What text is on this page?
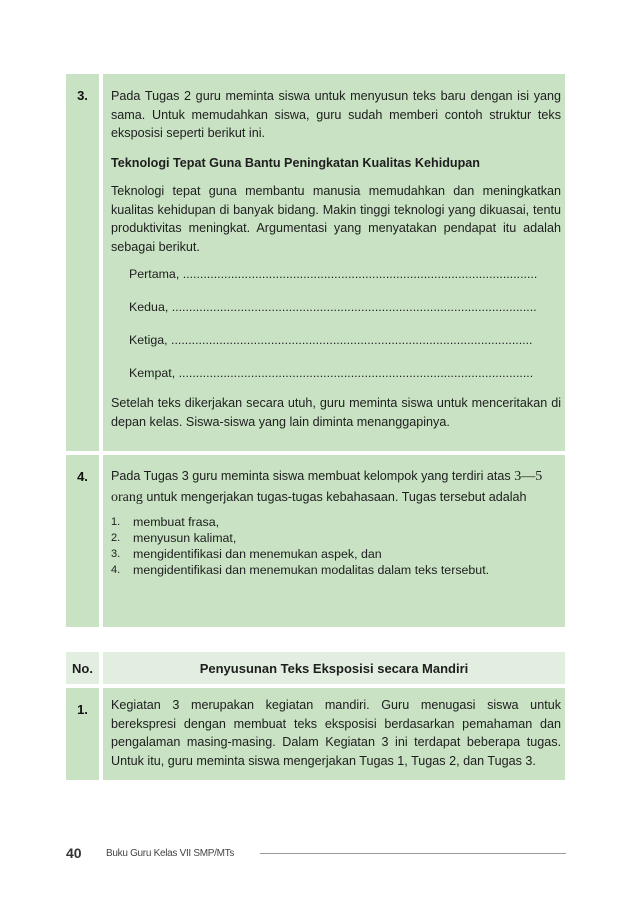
3.	Pada Tugas 2 guru meminta siswa untuk menyusun teks baru dengan isi yang sama. Untuk memudahkan siswa, guru sudah memberi contoh struktur teks eksposisi seperti berikut ini.

Teknologi Tepat Guna Bantu Peningkatan Kualitas Kehidupan

Teknologi tepat guna membantu manusia memudahkan dan meningkatkan kualitas kehidupan di banyak bidang. Makin tinggi teknologi yang dikuasai, tentu produktivitas meningkat. Argumentasi yang menyatakan pendapat itu adalah sebagai berikut.

Pertama, .......................................................................................................
Kedua, ..........................................................................................................
Ketiga, .........................................................................................................
Kempat, .......................................................................................................

Setelah teks dikerjakan secara utuh, guru meminta siswa untuk menceritakan di depan kelas. Siswa-siswa yang lain diminta menanggapinya.

4.	Pada Tugas 3 guru meminta siswa membuat kelompok yang terdiri atas 3—5
orang untuk mengerjakan tugas-tugas kebahasaan. Tugas tersebut adalah

1.	membuat frasa,
2.	menyusun kalimat,
3.	mengidentifikasi dan menemukan aspek, dan
4.	mengidentifikasi dan menemukan modalitas dalam teks tersebut.
No.	Penyusunan Teks Eksposisi secara Mandiri
1.	Kegiatan 3 merupakan kegiatan mandiri. Guru menugasi siswa untuk berekspresi dengan membuat teks eksposisi berdasarkan pemahaman dan pengalaman masing-masing. Dalam Kegiatan 3 ini terdapat beberapa tugas. Untuk itu, guru meminta siswa mengerjakan Tugas 1, Tugas 2, dan Tugas 3.

40	Buku Guru Kelas VII SMP/MTs
